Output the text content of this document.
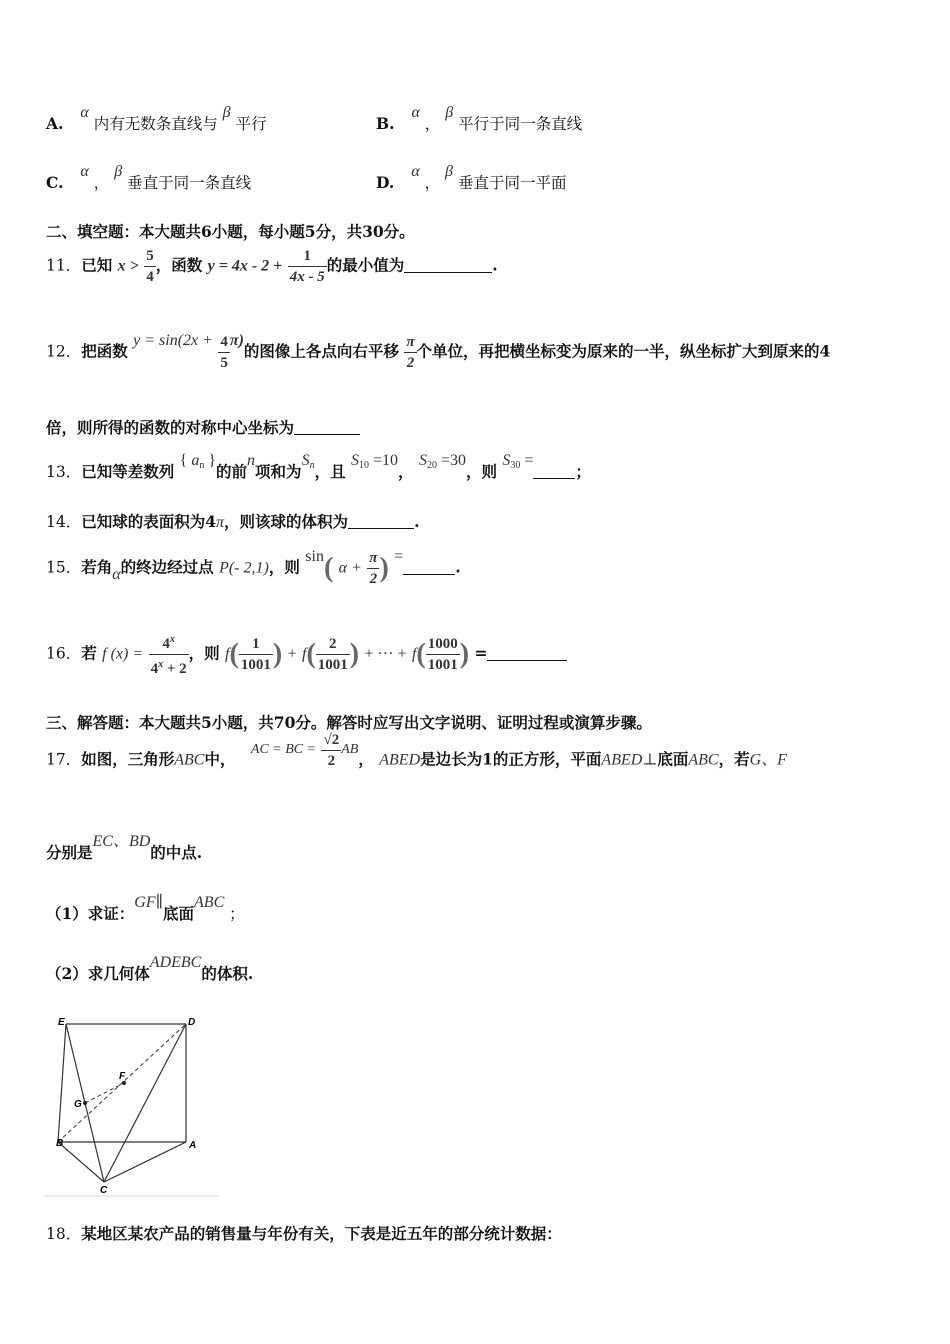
A. α 内有无数条直线与 β 平行	B. α ， β 平行于同一条直线
C. α ， β 垂直于同一条直线	D. α ， β 垂直于同一平面
二、填空题：本大题共6小题，每小题5分，共30分。
11．已知 $x > \frac{5}{4}$ ，函数 $y = 4x - 2 + \frac{1}{4x - 5}$ 的最小值为	.
12．把函数 $y = \sin(2x + \frac{4}{5} \pi)$的图像上各点向右平移 $\frac{\pi}{2}$ 个单位，再把横坐标变为原来的一半，纵坐标扩大到原来的4
倍，则所得的函数的对称中心坐标为
13．已知等差数列 { $a_n$ }的前n项和为$S_n$，且 $S_{10} =10$， $S_{20} =30$，则 $S_{30}$ =；
14．已知球的表面积为4π，则该球的体积为	.
15．若角α的终边经过点 P(- 2,1)，则 sin( $\alpha + \frac{\pi}{2}$ ) =.
16．若 f $(x) = \frac{4^x}{4^x + 2}$ ，则 $f( \frac{1}{1001}$ ) + $f( \frac{2}{1001}$ ) + ··· + $f( \frac{1000}{1001}$ ) =
三、解答题：本大题共5小题，共70分。解答时应写出文字说明、证明过程或演算步骤。
17．如图，三角形ABC中， AC = BC = $\frac{√2}{2}$ AB， ABED是边长为1的正方形，平面ABED⊥底面ABC，若G、F
分别是EC、BD的中点.
（1）求证：GF∥底面ABC ；
（2）求几何体ADEBC的体积.
E	D
F
G
B	A
C
18．某地区某农产品的销售量与年份有关，下表是近五年的部分统计数据：
